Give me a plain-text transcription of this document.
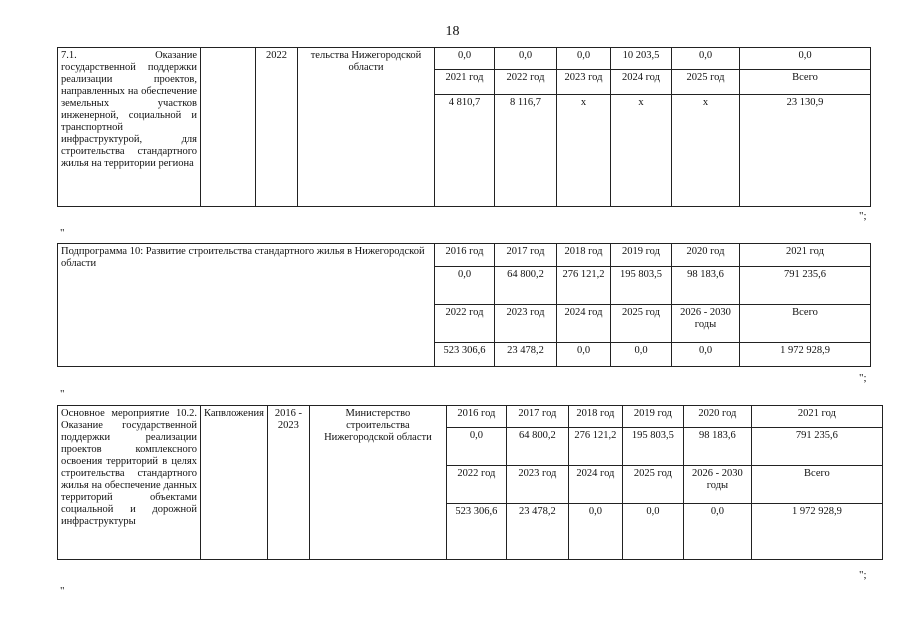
18
7.1. Оказание государственной поддержки реализации проектов, направленных на обеспечение земельных участков инженерной, социальной и транспортной инфраструктурой, для строительства стандартного жилья на территории региона		2022	тельства Нижегородской области	0,0	0,0	0,0	10 203,5	0,0	0,0
				2021 год	2022 год	2023 год	2024 год	2025 год	Всего
				4 810,7	8 116,7	х	х	х	23 130,9
";
"
Подпрограмма 10: Развитие строительства стандартного жилья в Нижегородской области	2016 год	2017 год	2018 год	2019 год	2020 год	2021 год
	0,0	64 800,2	276 121,2	195 803,5	98 183,6	791 235,6
	2022 год	2023 год	2024 год	2025 год	2026 - 2030 годы	Всего
	523 306,6	23 478,2	0,0	0,0	0,0	1 972 928,9
";
"
Основное мероприятие 10.2. Оказание государственной поддержки реализации проектов комплексного освоения территорий в целях строительства стандартного жилья на обеспечение данных территорий объектами социальной и дорожной инфраструктуры	Капвложения	2016 - 2023	Министерство строительства Нижегородской области	2016 год	2017 год	2018 год	2019 год	2020 год	2021 год
				0,0	64 800,2	276 121,2	195 803,5	98 183,6	791 235,6
				2022 год	2023 год	2024 год	2025 год	2026 - 2030 годы	Всего
				523 306,6	23 478,2	0,0	0,0	0,0	1 972 928,9
";
"
